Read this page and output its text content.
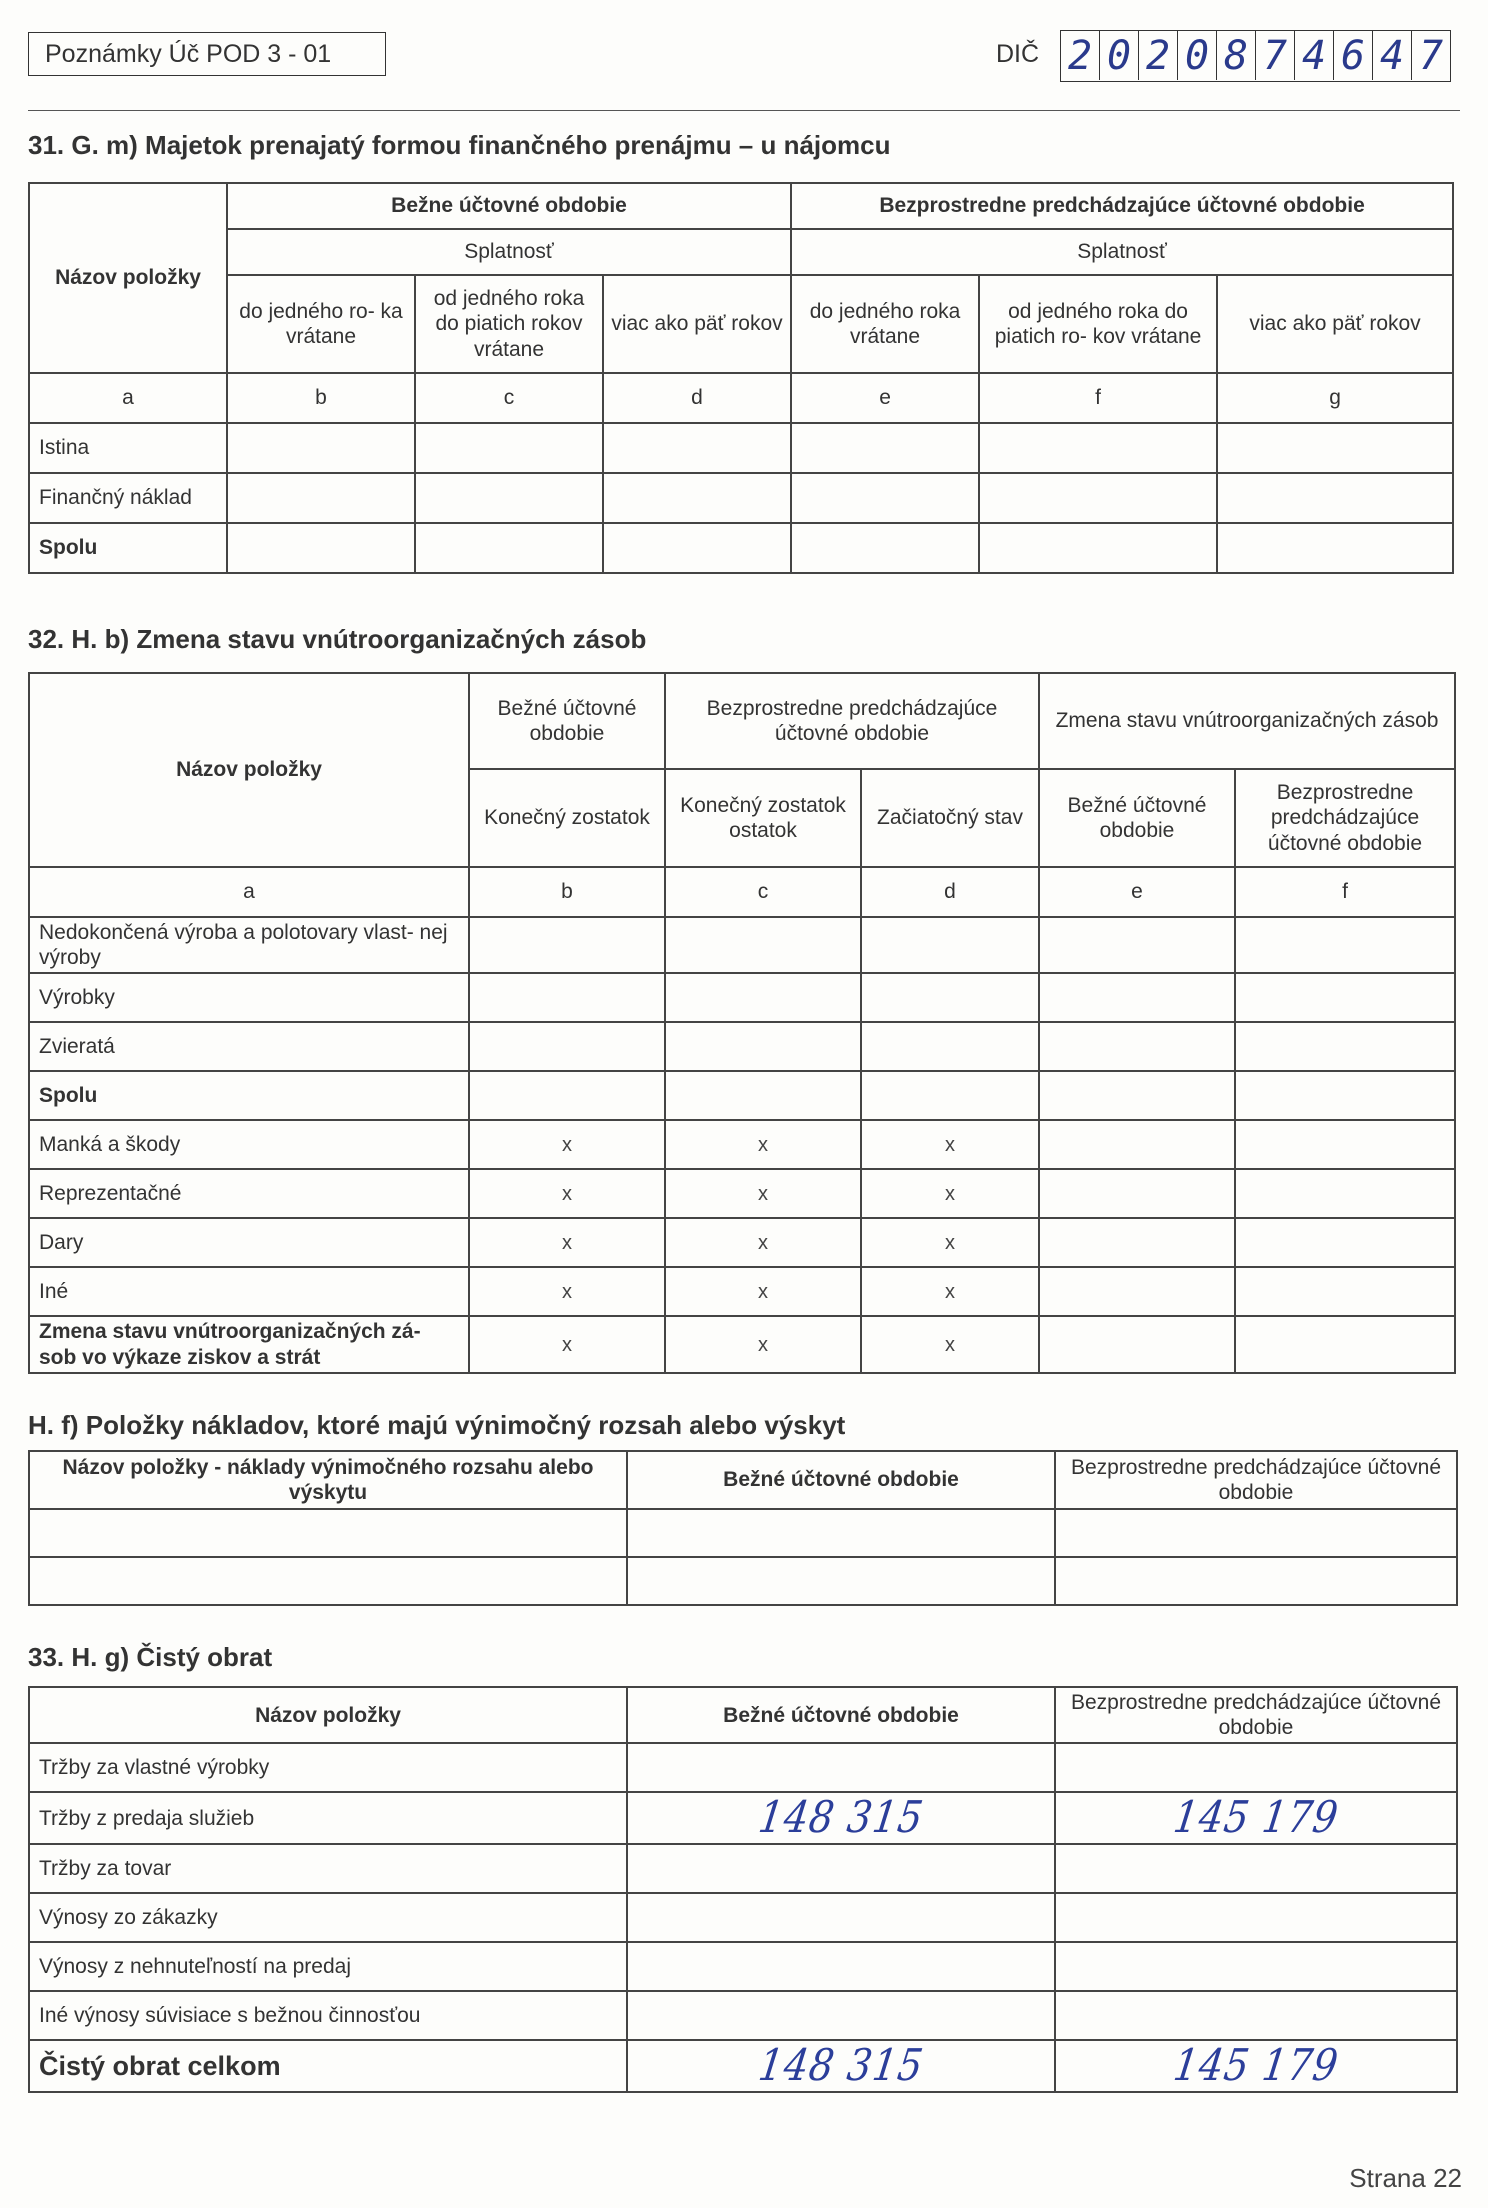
Poznámky Úč POD 3 - 01	DIČ 2 0 2 0 8 7 4 6 4 7
31. G. m) Majetok prenajatý formou finančného prenájmu – u nájomcu
Názov položky	Bežne účtovné obdobie			Bezprostredne predchádzajúce účtovné obdobie		
	Splatnosť			Splatnosť		
	do jedného ro- ka vrátane	od jedného roka do piatich rokov vrátane	viac ako päť rokov	do jedného roka vrátane	od jedného roka do piatich ro- kov vrátane	viac ako päť rokov
a	b	c	d	e	f	g
Istina						
Finančný náklad						
Spolu						
32. H. b) Zmena stavu vnútroorganizačných zásob
Názov položky	Bežné účtovné obdobie	Bezprostredne predchádzajúce účtovné obdobie		Zmena stavu vnútroorganizačných zásob	
	Konečný zostatok	Konečný zostatok ostatok	Začiatočný stav	Bežné účtovné obdobie	Bezprostredne predchádzajúce účtovné obdobie
a	b	c	d	e	f
Nedokončená výroba a polotovary vlast- nej výroby					
Výrobky					
Zvieratá					
Spolu					
Manká a škody	x	x	x		
Reprezentačné	x	x	x		
Dary	x	x	x		
Iné	x	x	x		
Zmena stavu vnútroorganizačných zá- sob vo výkaze ziskov a strát	x	x	x		
H. f) Položky nákladov, ktoré majú výnimočný rozsah alebo výskyt
Názov položky - náklady výnimočného rozsahu alebo výskytu	Bežné účtovné obdobie	Bezprostredne predchádzajúce účtovné obdobie

33. H. g) Čistý obrat
Názov položky	Bežné účtovné obdobie	Bezprostredne predchádzajúce účtovné obdobie
Tržby za vlastné výrobky		
Tržby z predaja služieb	148 315	145 179
Tržby za tovar		
Výnosy zo zákazky		
Výnosy z nehnuteľností na predaj		
Iné výnosy súvisiace s bežnou činnosťou		
Čistý obrat celkom	148 315	145 179
Strana 22
